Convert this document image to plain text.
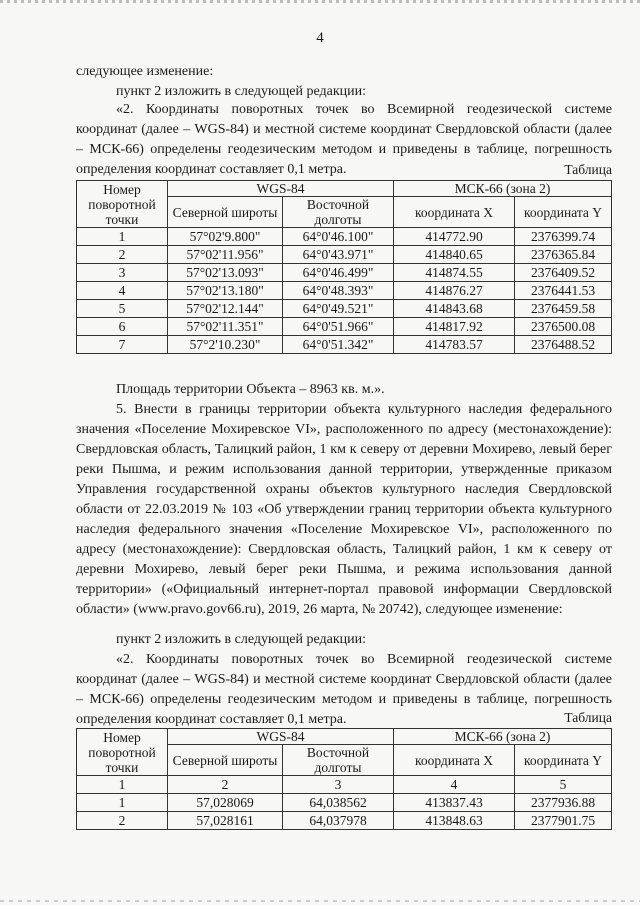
4

следующее изменение:

пункт 2 изложить в следующей редакции:

«2. Координаты поворотных точек во Всемирной геодезической системе координат (далее – WGS-84) и местной системе координат Свердловской области (далее – МСК-66) определены геодезическим методом и приведены в таблице, погрешность определения координат составляет 0,1 метра.	Таблица
Номер поворотной точки	WGS-84		МСК-66 (зона 2)	
	Северной широты	Восточной долготы	координата X	координата Y
1	57°02'9.800"	64°0'46.100"	414772.90	2376399.74
2	57°02'11.956"	64°0'43.971"	414840.65	2376365.84
3	57°02'13.093"	64°0'46.499"	414874.55	2376409.52
4	57°02'13.180"	64°0'48.393"	414876.27	2376441.53
5	57°02'12.144"	64°0'49.521"	414843.68	2376459.58
6	57°02'11.351"	64°0'51.966"	414817.92	2376500.08
7	57°2'10.230"	64°0'51.342"	414783.57	2376488.52

Площадь территории Объекта – 8963 кв. м.».

5. Внести в границы территории объекта культурного наследия федерального значения «Поселение Мохиревское VI», расположенного по адресу (местонахождение): Свердловская область, Талицкий район, 1 км к северу от деревни Мохирево, левый берег реки Пышма, и режим использования данной территории, утвержденные приказом Управления государственной охраны объектов культурного наследия Свердловской области от 22.03.2019 № 103 «Об утверждении границ территории объекта культурного наследия федерального значения «Поселение Мохиревское VI», расположенного по адресу (местонахождение): Свердловская область, Талицкий район, 1 км к северу от деревни Мохирево, левый берег реки Пышма, и режима использования данной территории» («Официальный интернет-портал правовой информации Свердловской области» (www.pravo.gov66.ru), 2019, 26 марта, № 20742), следующее изменение:

пункт 2 изложить в следующей редакции:

«2. Координаты поворотных точек во Всемирной геодезической системе координат (далее – WGS-84) и местной системе координат Свердловской области (далее – МСК-66) определены геодезическим методом и приведены в таблице, погрешность определения координат составляет 0,1 метра.	Таблица
Номер поворотной точки	WGS-84		МСК-66 (зона 2)	
	Северной широты	Восточной долготы	координата X	координата Y
1	2	3	4	5
1	57,028069	64,038562	413837.43	2377936.88
2	57,028161	64,037978	413848.63	2377901.75
